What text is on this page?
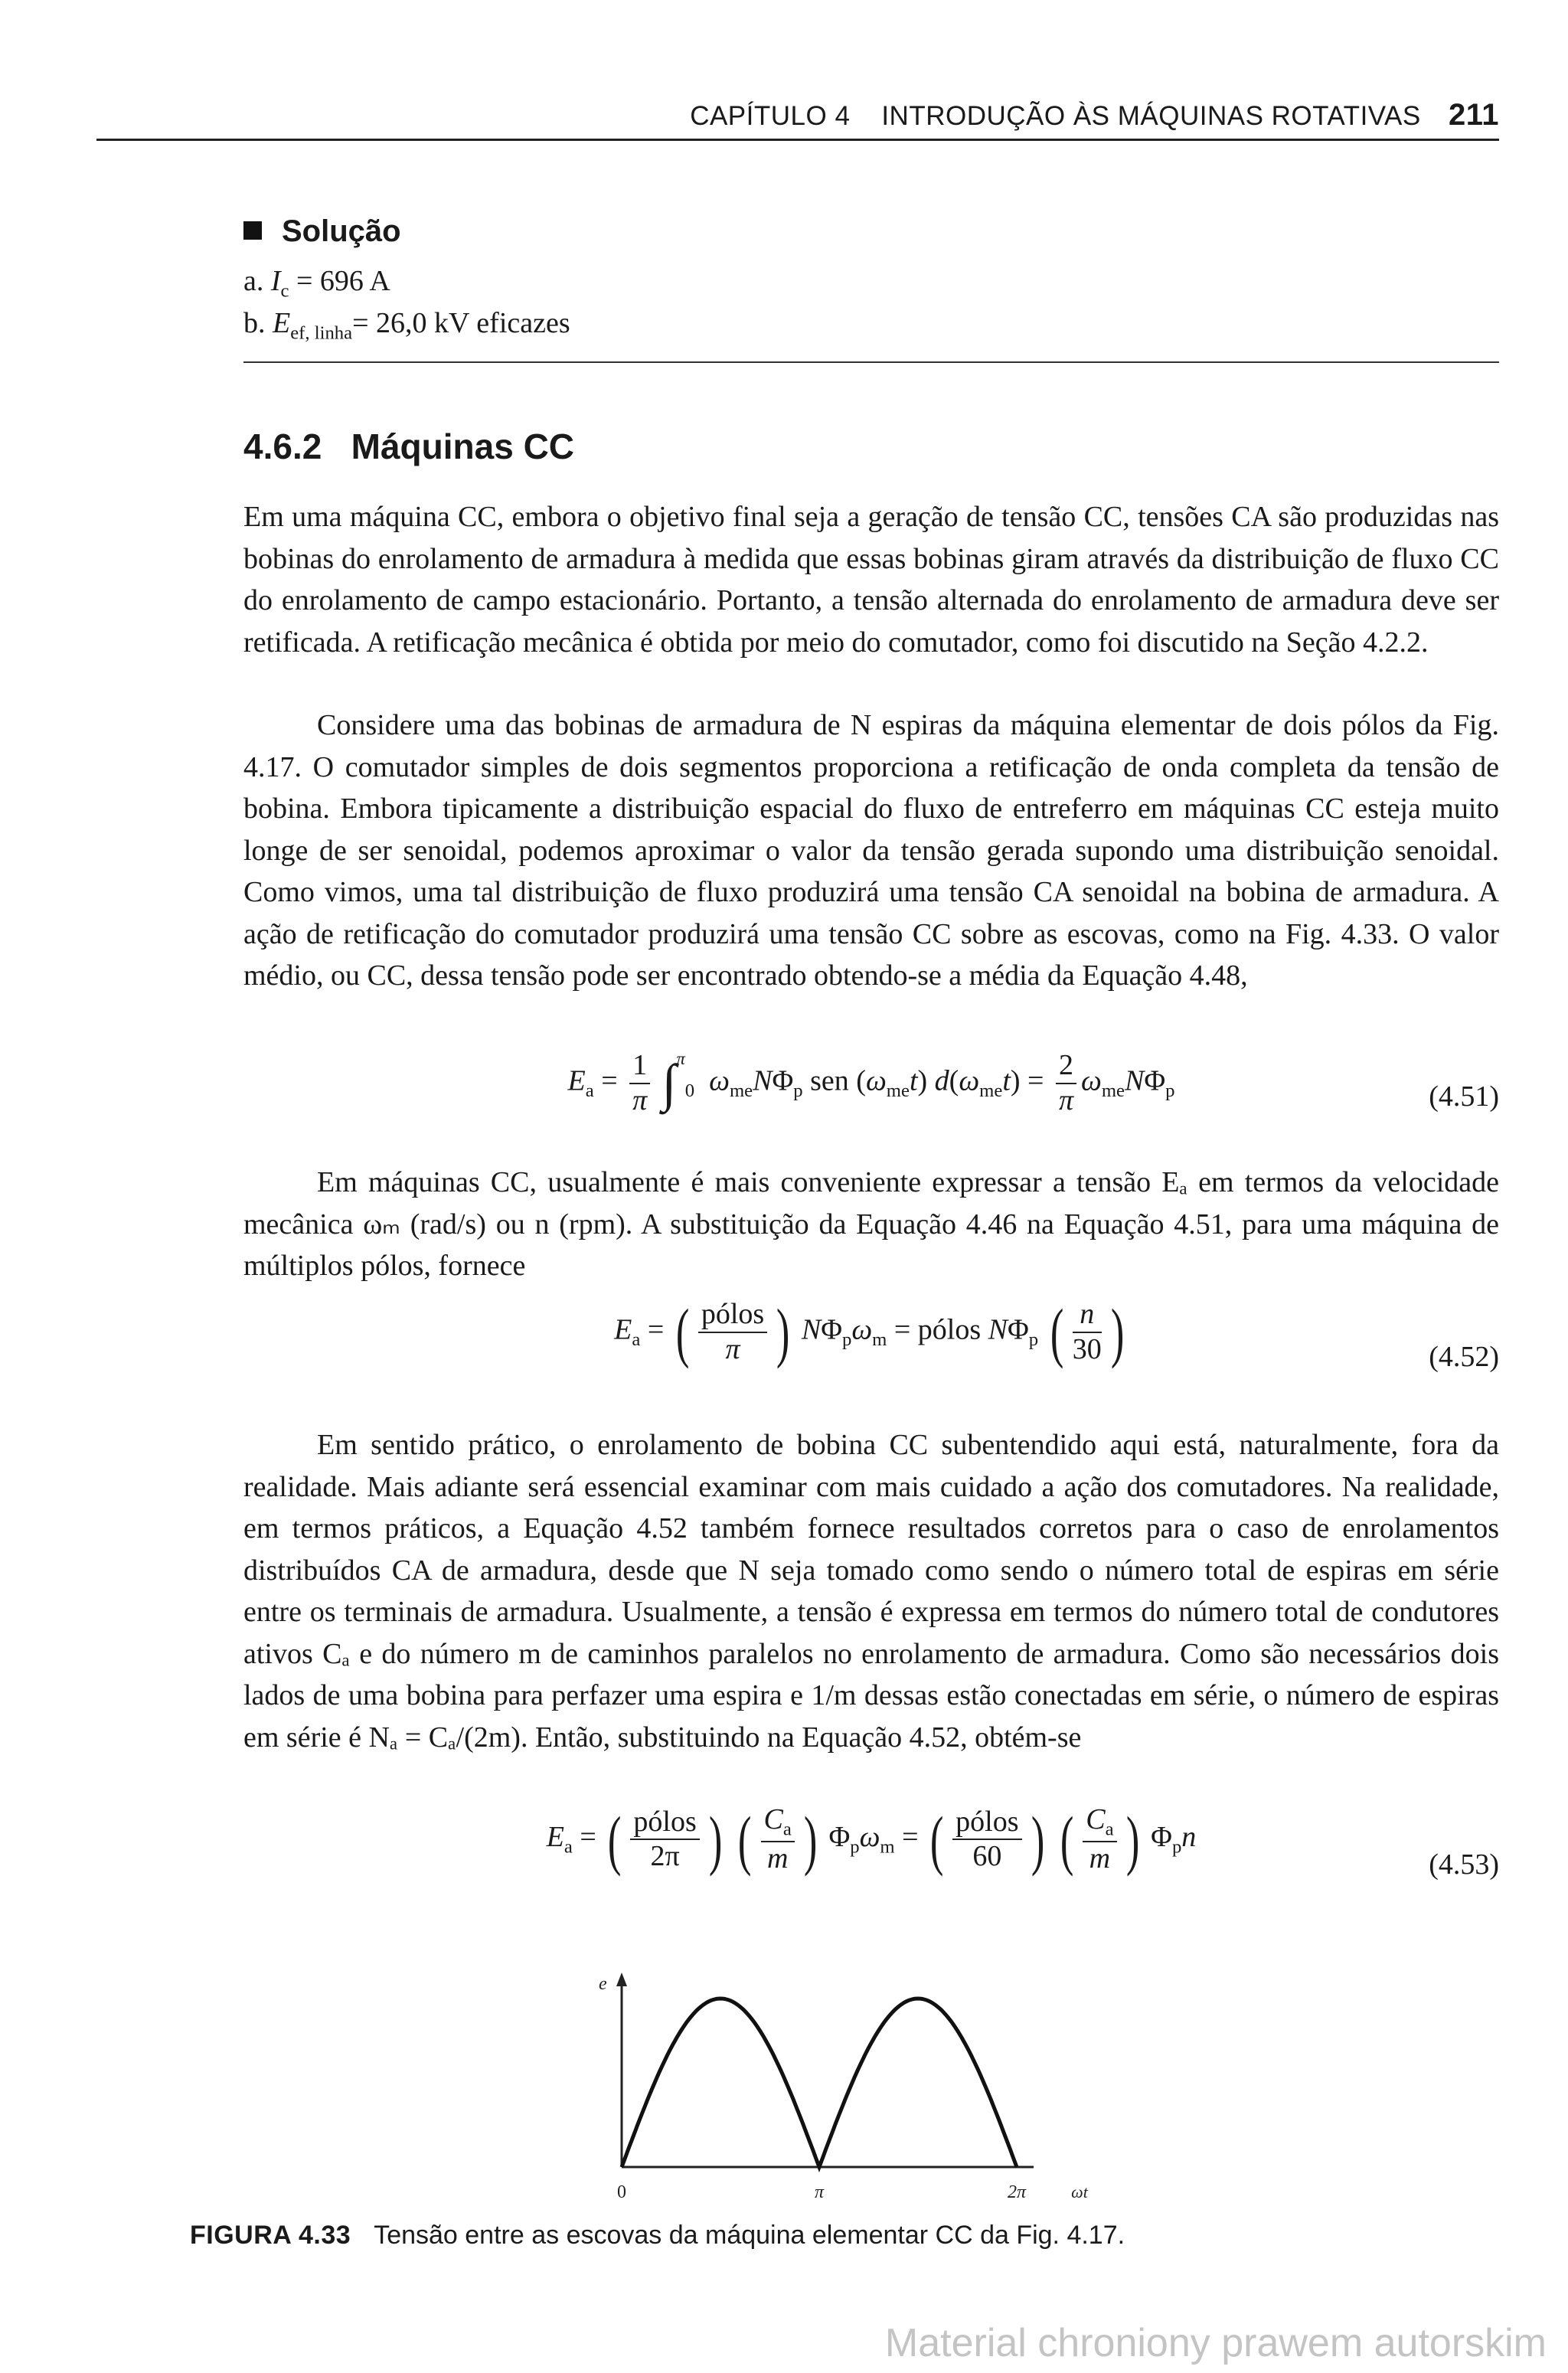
CAPÍTULO 4 INTRODUÇÃO ÀS MÁQUINAS ROTATIVAS 211
Solução
a. $I_c = 696$ A
b. $E_{ef, linha}= 26,0$ kV eficazes
4.6.2 Máquinas CC
Em uma máquina CC, embora o objetivo final seja a geração de tensão CC, tensões CA são produzidas nas bobinas do enrolamento de armadura à medida que essas bobinas giram através da distribuição de fluxo CC do enrolamento de campo estacionário. Portanto, a tensão alternada do enrolamento de armadura deve ser retificada. A retificação mecânica é obtida por meio do comutador, como foi discutido na Seção 4.2.2.
Considere uma das bobinas de armadura de N espiras da máquina elementar de dois pólos da Fig. 4.17. O comutador simples de dois segmentos proporciona a retificação de onda completa da tensão de bobina. Embora tipicamente a distribuição espacial do fluxo de entreferro em máquinas CC esteja muito longe de ser senoidal, podemos aproximar o valor da tensão gerada supondo uma distribuição senoidal. Como vimos, uma tal distribuição de fluxo produzirá uma tensão CA senoidal na bobina de armadura. A ação de retificação do comutador produzirá uma tensão CC sobre as escovas, como na Fig. 4.33. O valor médio, ou CC, dessa tensão pode ser encontrado obtendo-se a média da Equação 4.48,
$E_a = \frac{1}{\pi} \int^\pi_0$ $\omega_{me}N\Phi_p$ sen $(\omega_{me}t) d(\omega_{me}t) = \frac{2}{\pi} \omega_{me}N\Phi_p$	(4.51)
Em máquinas CC, usualmente é mais conveniente expressar a tensão Eₐ em termos da velocidade mecânica ωₘ (rad/s) ou n (rpm). A substituição da Equação 4.46 na Equação 4.51, para uma máquina de múltiplos pólos, fornece
$E_a$ = ( $\frac{\text{pólos}}{\pi}$ ) $N\Phi_p\omega_m$ = pólos $N\Phi_p$ ( $\frac{n}{30}$ )	(4.52)
Em sentido prático, o enrolamento de bobina CC subentendido aqui está, naturalmente, fora da realidade. Mais adiante será essencial examinar com mais cuidado a ação dos comutadores. Na realidade, em termos práticos, a Equação 4.52 também fornece resultados corretos para o caso de enrolamentos distribuídos CA de armadura, desde que N seja tomado como sendo o número total de espiras em série entre os terminais de armadura. Usualmente, a tensão é expressa em termos do número total de condutores ativos Cₐ e do número m de caminhos paralelos no enrolamento de armadura. Como são necessários dois lados de uma bobina para perfazer uma espira e 1/m dessas estão conectadas em série, o número de espiras em série é Nₐ = Cₐ/(2m). Então, substituindo na Equação 4.52, obtém-se
$E_a$ = ( $\frac{\text{pólos}}{2\pi}$ ) ( $\frac{C_a}{m}$ ) $\Phi_p\omega_m$ = ( $\frac{\text{pólos}}{60}$ ) ( $\frac{C_a}{m}$ ) $\Phi_pn$
(4.53)
e
0	π	2π	ωt
FIGURA 4.33 Tensão entre as escovas da máquina elementar CC da Fig. 4.17.
Material chroniony prawem autorskim
